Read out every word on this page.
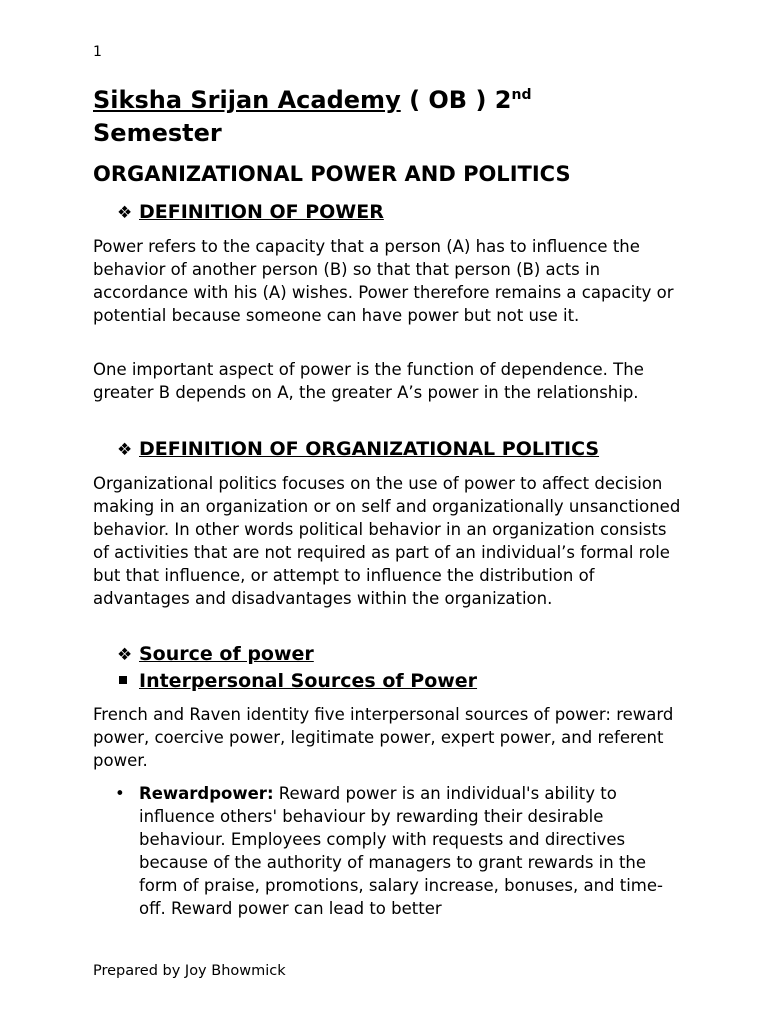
1
Siksha Srijan Academy ( OB ) 2nd
Semester
ORGANIZATIONAL POWER AND POLITICS
❖ DEFINITION OF POWER

Power refers to the capacity that a person (A) has to influence the behavior of another person (B) so that that person (B) acts in accordance with his (A) wishes. Power therefore remains a capacity or potential because someone can have power but not use it.

One important aspect of power is the function of dependence. The greater B depends on A, the greater A’s power in the relationship.

❖ DEFINITION OF ORGANIZATIONAL POLITICS

Organizational politics focuses on the use of power to affect decision making in an organization or on self and organizationally unsanctioned behavior. In other words political behavior in an organization consists of activities that are not required as part of an individual’s formal role but that influence, or attempt to influence the distribution of advantages and disadvantages within the organization.

❖ Source of power
Interpersonal Sources of Power

French and Raven identity five interpersonal sources of power: reward power, coercive power, legitimate power, expert power, and referent power.

• Rewardpower: Reward power is an individual's ability to influence others' behaviour by rewarding their desirable behaviour. Employees comply with requests and directives because of the authority of managers to grant rewards in the form of praise, promotions, salary increase, bonuses, and time-off. Reward power can lead to better
Prepared by Joy Bhowmick
